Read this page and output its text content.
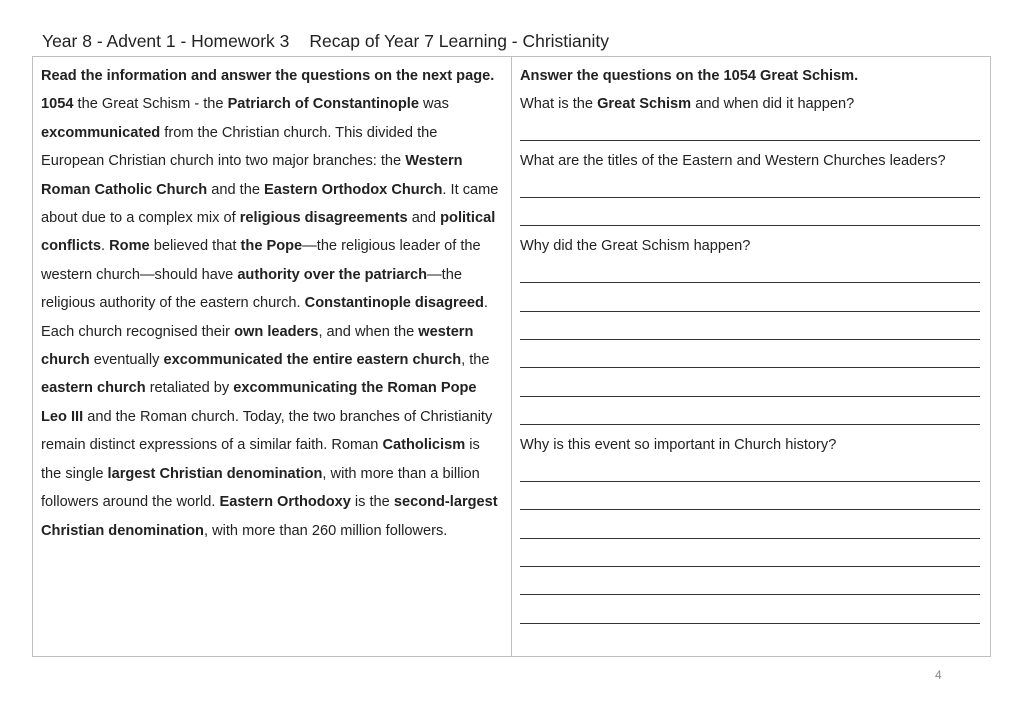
Year 8 - Advent 1 - Homework 3 Recap of Year 7 Learning - Christianity
Read the information and answer the questions on the next page.
1054 the Great Schism - the Patriarch of Constantinople was excommunicated from the Christian church. This divided the European Christian church into two major branches: the Western Roman Catholic Church and the Eastern Orthodox Church. It came about due to a complex mix of religious disagreements and political conflicts. Rome believed that the Pope—the religious leader of the western church—should have authority over the patriarch—the religious authority of the eastern church. Constantinople disagreed. Each church recognised their own leaders, and when the western church eventually excommunicated the entire eastern church, the eastern church retaliated by excommunicating the Roman Pope Leo III and the Roman church. Today, the two branches of Christianity remain distinct expressions of a similar faith. Roman Catholicism is the single largest Christian denomination, with more than a billion followers around the world. Eastern Orthodoxy is the second-largest Christian denomination, with more than 260 million followers.
Answer the questions on the 1054 Great Schism.
What is the Great Schism and when did it happen?
What are the titles of the Eastern and Western Churches leaders?
Why did the Great Schism happen?
Why is this event so important in Church history?
4
